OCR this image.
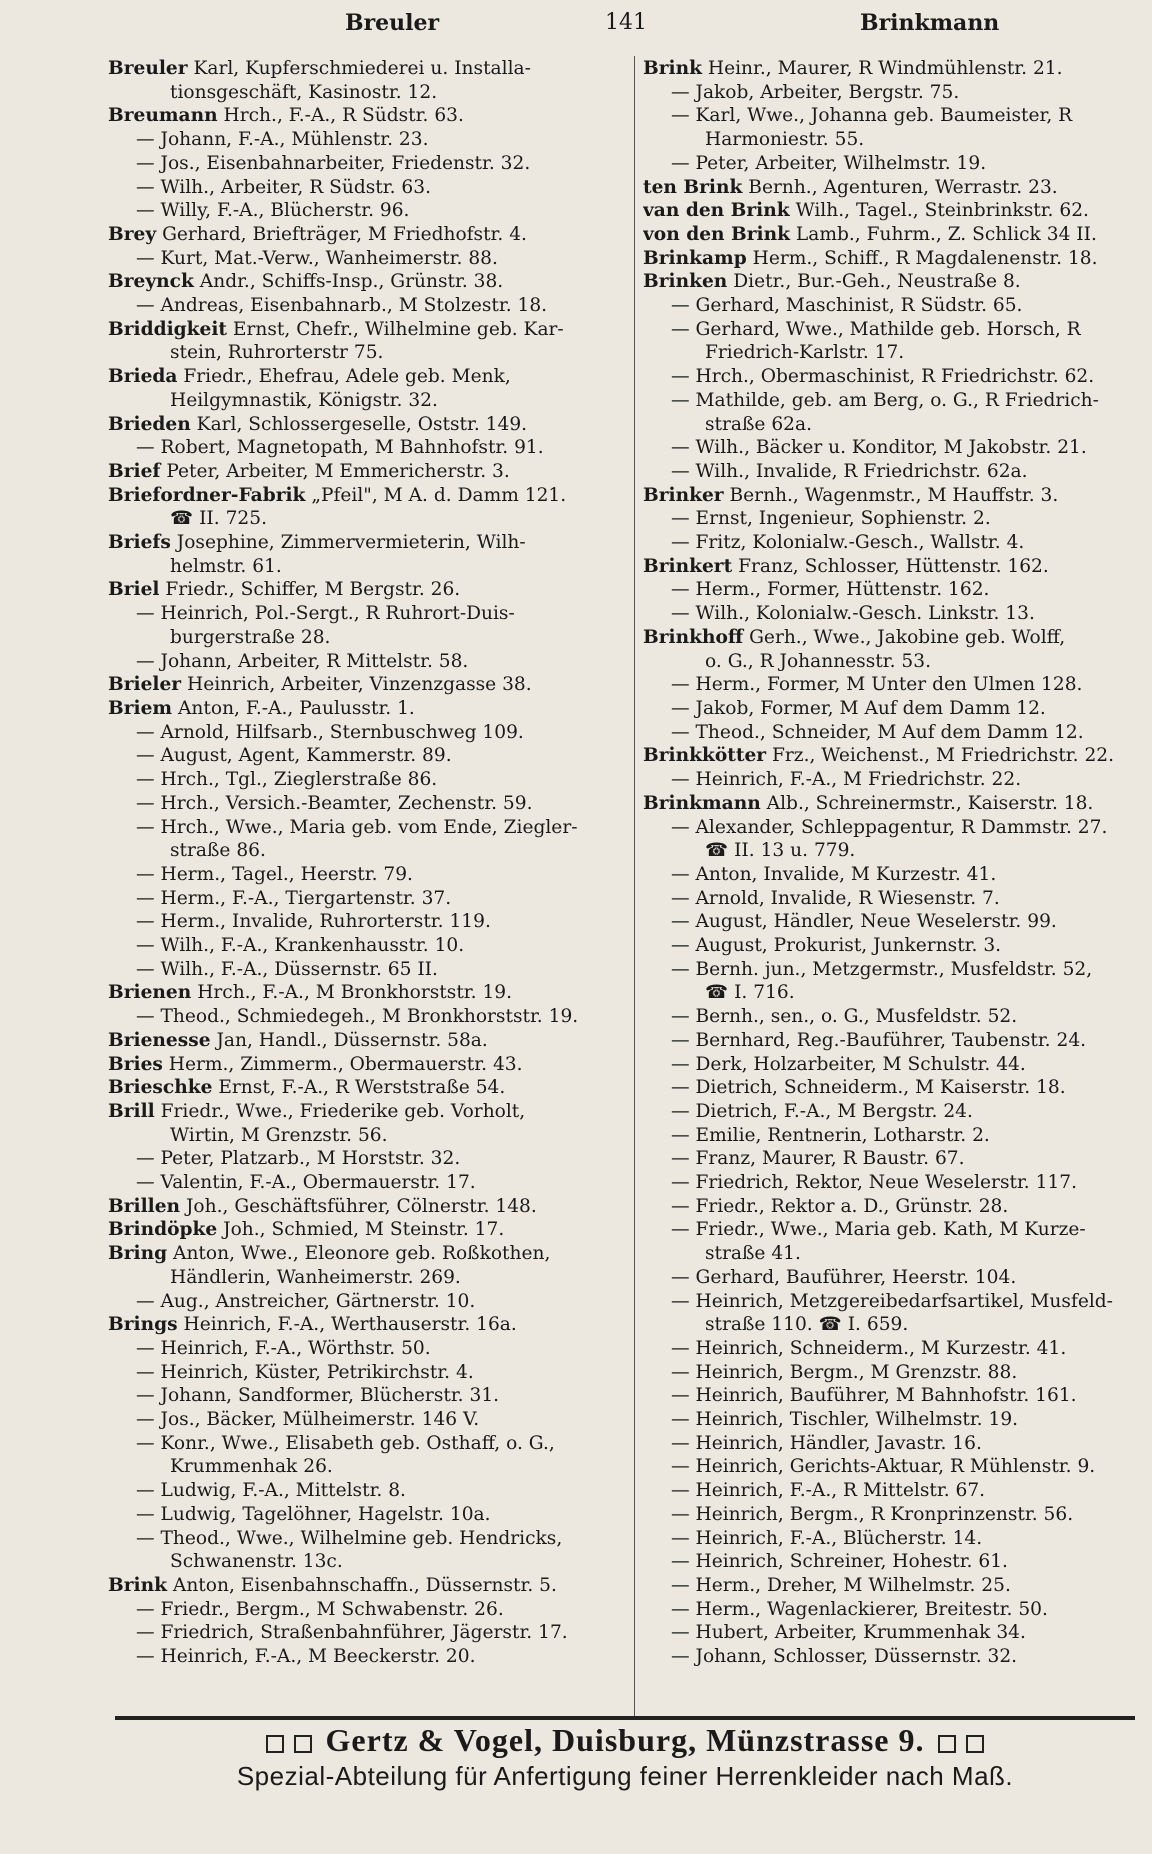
Breuler	141	Brinkmann
Breuler Karl, Kupferschmiederei u. Installa-
tionsgeschäft, Kasinostr. 12.
Breumann Hrch., F.-A., R Südstr. 63.
— Johann, F.-A., Mühlenstr. 23.
— Jos., Eisenbahnarbeiter, Friedenstr. 32.
— Wilh., Arbeiter, R Südstr. 63.
— Willy, F.-A., Blücherstr. 96.
Brey Gerhard, Briefträger, M Friedhofstr. 4.
— Kurt, Mat.-Verw., Wanheimerstr. 88.
Breynck Andr., Schiffs-Insp., Grünstr. 38.
— Andreas, Eisenbahnarb., M Stolzestr. 18.
Briddigkeit Ernst, Chefr., Wilhelmine geb. Kar-
stein, Ruhrorterstr 75.
Brieda Friedr., Ehefrau, Adele geb. Menk,
Heilgymnastik, Königstr. 32.
Brieden Karl, Schlossergeselle, Oststr. 149.
— Robert, Magnetopath, M Bahnhofstr. 91.
Brief Peter, Arbeiter, M Emmericherstr. 3.
Briefordner-Fabrik „Pfeil", M A. d. Damm 121.
☎ II. 725.
Briefs Josephine, Zimmervermieterin, Wilh-
helmstr. 61.
Briel Friedr., Schiffer, M Bergstr. 26.
— Heinrich, Pol.-Sergt., R Ruhrort-Duis-
burgerstraße 28.
— Johann, Arbeiter, R Mittelstr. 58.
Brieler Heinrich, Arbeiter, Vinzenzgasse 38.
Briem Anton, F.-A., Paulusstr. 1.
— Arnold, Hilfsarb., Sternbuschweg 109.
— August, Agent, Kammerstr. 89.
— Hrch., Tgl., Zieglerstraße 86.
— Hrch., Versich.-Beamter, Zechenstr. 59.
— Hrch., Wwe., Maria geb. vom Ende, Ziegler-
straße 86.
— Herm., Tagel., Heerstr. 79.
— Herm., F.-A., Tiergartenstr. 37.
— Herm., Invalide, Ruhrorterstr. 119.
— Wilh., F.-A., Krankenhausstr. 10.
— Wilh., F.-A., Düssernstr. 65 II.
Brienen Hrch., F.-A., M Bronkhorststr. 19.
— Theod., Schmiedegeh., M Bronkhorststr. 19.
Brienesse Jan, Handl., Düssernstr. 58a.
Bries Herm., Zimmerm., Obermauerstr. 43.
Brieschke Ernst, F.-A., R Werststraße 54.
Brill Friedr., Wwe., Friederike geb. Vorholt,
Wirtin, M Grenzstr. 56.
— Peter, Platzarb., M Horststr. 32.
— Valentin, F.-A., Obermauerstr. 17.
Brillen Joh., Geschäftsführer, Cölnerstr. 148.
Brindöpke Joh., Schmied, M Steinstr. 17.
Bring Anton, Wwe., Eleonore geb. Roßkothen,
Händlerin, Wanheimerstr. 269.
— Aug., Anstreicher, Gärtnerstr. 10.
Brings Heinrich, F.-A., Werthauserstr. 16a.
— Heinrich, F.-A., Wörthstr. 50.
— Heinrich, Küster, Petrikirchstr. 4.
— Johann, Sandformer, Blücherstr. 31.
— Jos., Bäcker, Mülheimerstr. 146 V.
— Konr., Wwe., Elisabeth geb. Osthaff, o. G.,
Krummenhak 26.
— Ludwig, F.-A., Mittelstr. 8.
— Ludwig, Tagelöhner, Hagelstr. 10a.
— Theod., Wwe., Wilhelmine geb. Hendricks,
Schwanenstr. 13c.
Brink Anton, Eisenbahnschaffn., Düssernstr. 5.
— Friedr., Bergm., M Schwabenstr. 26.
— Friedrich, Straßenbahnführer, Jägerstr. 17.
— Heinrich, F.-A., M Beeckerstr. 20.
Brink Heinr., Maurer, R Windmühlenstr. 21.
— Jakob, Arbeiter, Bergstr. 75.
— Karl, Wwe., Johanna geb. Baumeister, R
Harmoniestr. 55.
— Peter, Arbeiter, Wilhelmstr. 19.
ten Brink Bernh., Agenturen, Werrastr. 23.
van den Brink Wilh., Tagel., Steinbrinkstr. 62.
von den Brink Lamb., Fuhrm., Z. Schlick 34 II.
Brinkamp Herm., Schiff., R Magdalenenstr. 18.
Brinken Dietr., Bur.-Geh., Neustraße 8.
— Gerhard, Maschinist, R Südstr. 65.
— Gerhard, Wwe., Mathilde geb. Horsch, R
Friedrich-Karlstr. 17.
— Hrch., Obermaschinist, R Friedrichstr. 62.
— Mathilde, geb. am Berg, o. G., R Friedrich-
straße 62a.
— Wilh., Bäcker u. Konditor, M Jakobstr. 21.
— Wilh., Invalide, R Friedrichstr. 62a.
Brinker Bernh., Wagenmstr., M Hauffstr. 3.
— Ernst, Ingenieur, Sophienstr. 2.
— Fritz, Kolonialw.-Gesch., Wallstr. 4.
Brinkert Franz, Schlosser, Hüttenstr. 162.
— Herm., Former, Hüttenstr. 162.
— Wilh., Kolonialw.-Gesch. Linkstr. 13.
Brinkhoff Gerh., Wwe., Jakobine geb. Wolff,
o. G., R Johannesstr. 53.
— Herm., Former, M Unter den Ulmen 128.
— Jakob, Former, M Auf dem Damm 12.
— Theod., Schneider, M Auf dem Damm 12.
Brinkkötter Frz., Weichenst., M Friedrichstr. 22.
— Heinrich, F.-A., M Friedrichstr. 22.
Brinkmann Alb., Schreinermstr., Kaiserstr. 18.
— Alexander, Schleppagentur, R Dammstr. 27.
☎ II. 13 u. 779.
— Anton, Invalide, M Kurzestr. 41.
— Arnold, Invalide, R Wiesenstr. 7.
— August, Händler, Neue Weselerstr. 99.
— August, Prokurist, Junkernstr. 3.
— Bernh. jun., Metzgermstr., Musfeldstr. 52,
☎ I. 716.
— Bernh., sen., o. G., Musfeldstr. 52.
— Bernhard, Reg.-Bauführer, Taubenstr. 24.
— Derk, Holzarbeiter, M Schulstr. 44.
— Dietrich, Schneiderm., M Kaiserstr. 18.
— Dietrich, F.-A., M Bergstr. 24.
— Emilie, Rentnerin, Lotharstr. 2.
— Franz, Maurer, R Baustr. 67.
— Friedrich, Rektor, Neue Weselerstr. 117.
— Friedr., Rektor a. D., Grünstr. 28.
— Friedr., Wwe., Maria geb. Kath, M Kurze-
straße 41.
— Gerhard, Bauführer, Heerstr. 104.
— Heinrich, Metzgereibedarfsartikel, Musfeld-
straße 110. ☎ I. 659.
— Heinrich, Schneiderm., M Kurzestr. 41.
— Heinrich, Bergm., M Grenzstr. 88.
— Heinrich, Bauführer, M Bahnhofstr. 161.
— Heinrich, Tischler, Wilhelmstr. 19.
— Heinrich, Händler, Javastr. 16.
— Heinrich, Gerichts-Aktuar, R Mühlenstr. 9.
— Heinrich, F.-A., R Mittelstr. 67.
— Heinrich, Bergm., R Kronprinzenstr. 56.
— Heinrich, F.-A., Blücherstr. 14.
— Heinrich, Schreiner, Hohestr. 61.
— Herm., Dreher, M Wilhelmstr. 25.
— Herm., Wagenlackierer, Breitestr. 50.
— Hubert, Arbeiter, Krummenhak 34.
— Johann, Schlosser, Düssernstr. 32.
Gertz & Vogel, Duisburg, Münzstrasse 9.
Spezial-Abteilung für Anfertigung feiner Herrenkleider nach Maß.
